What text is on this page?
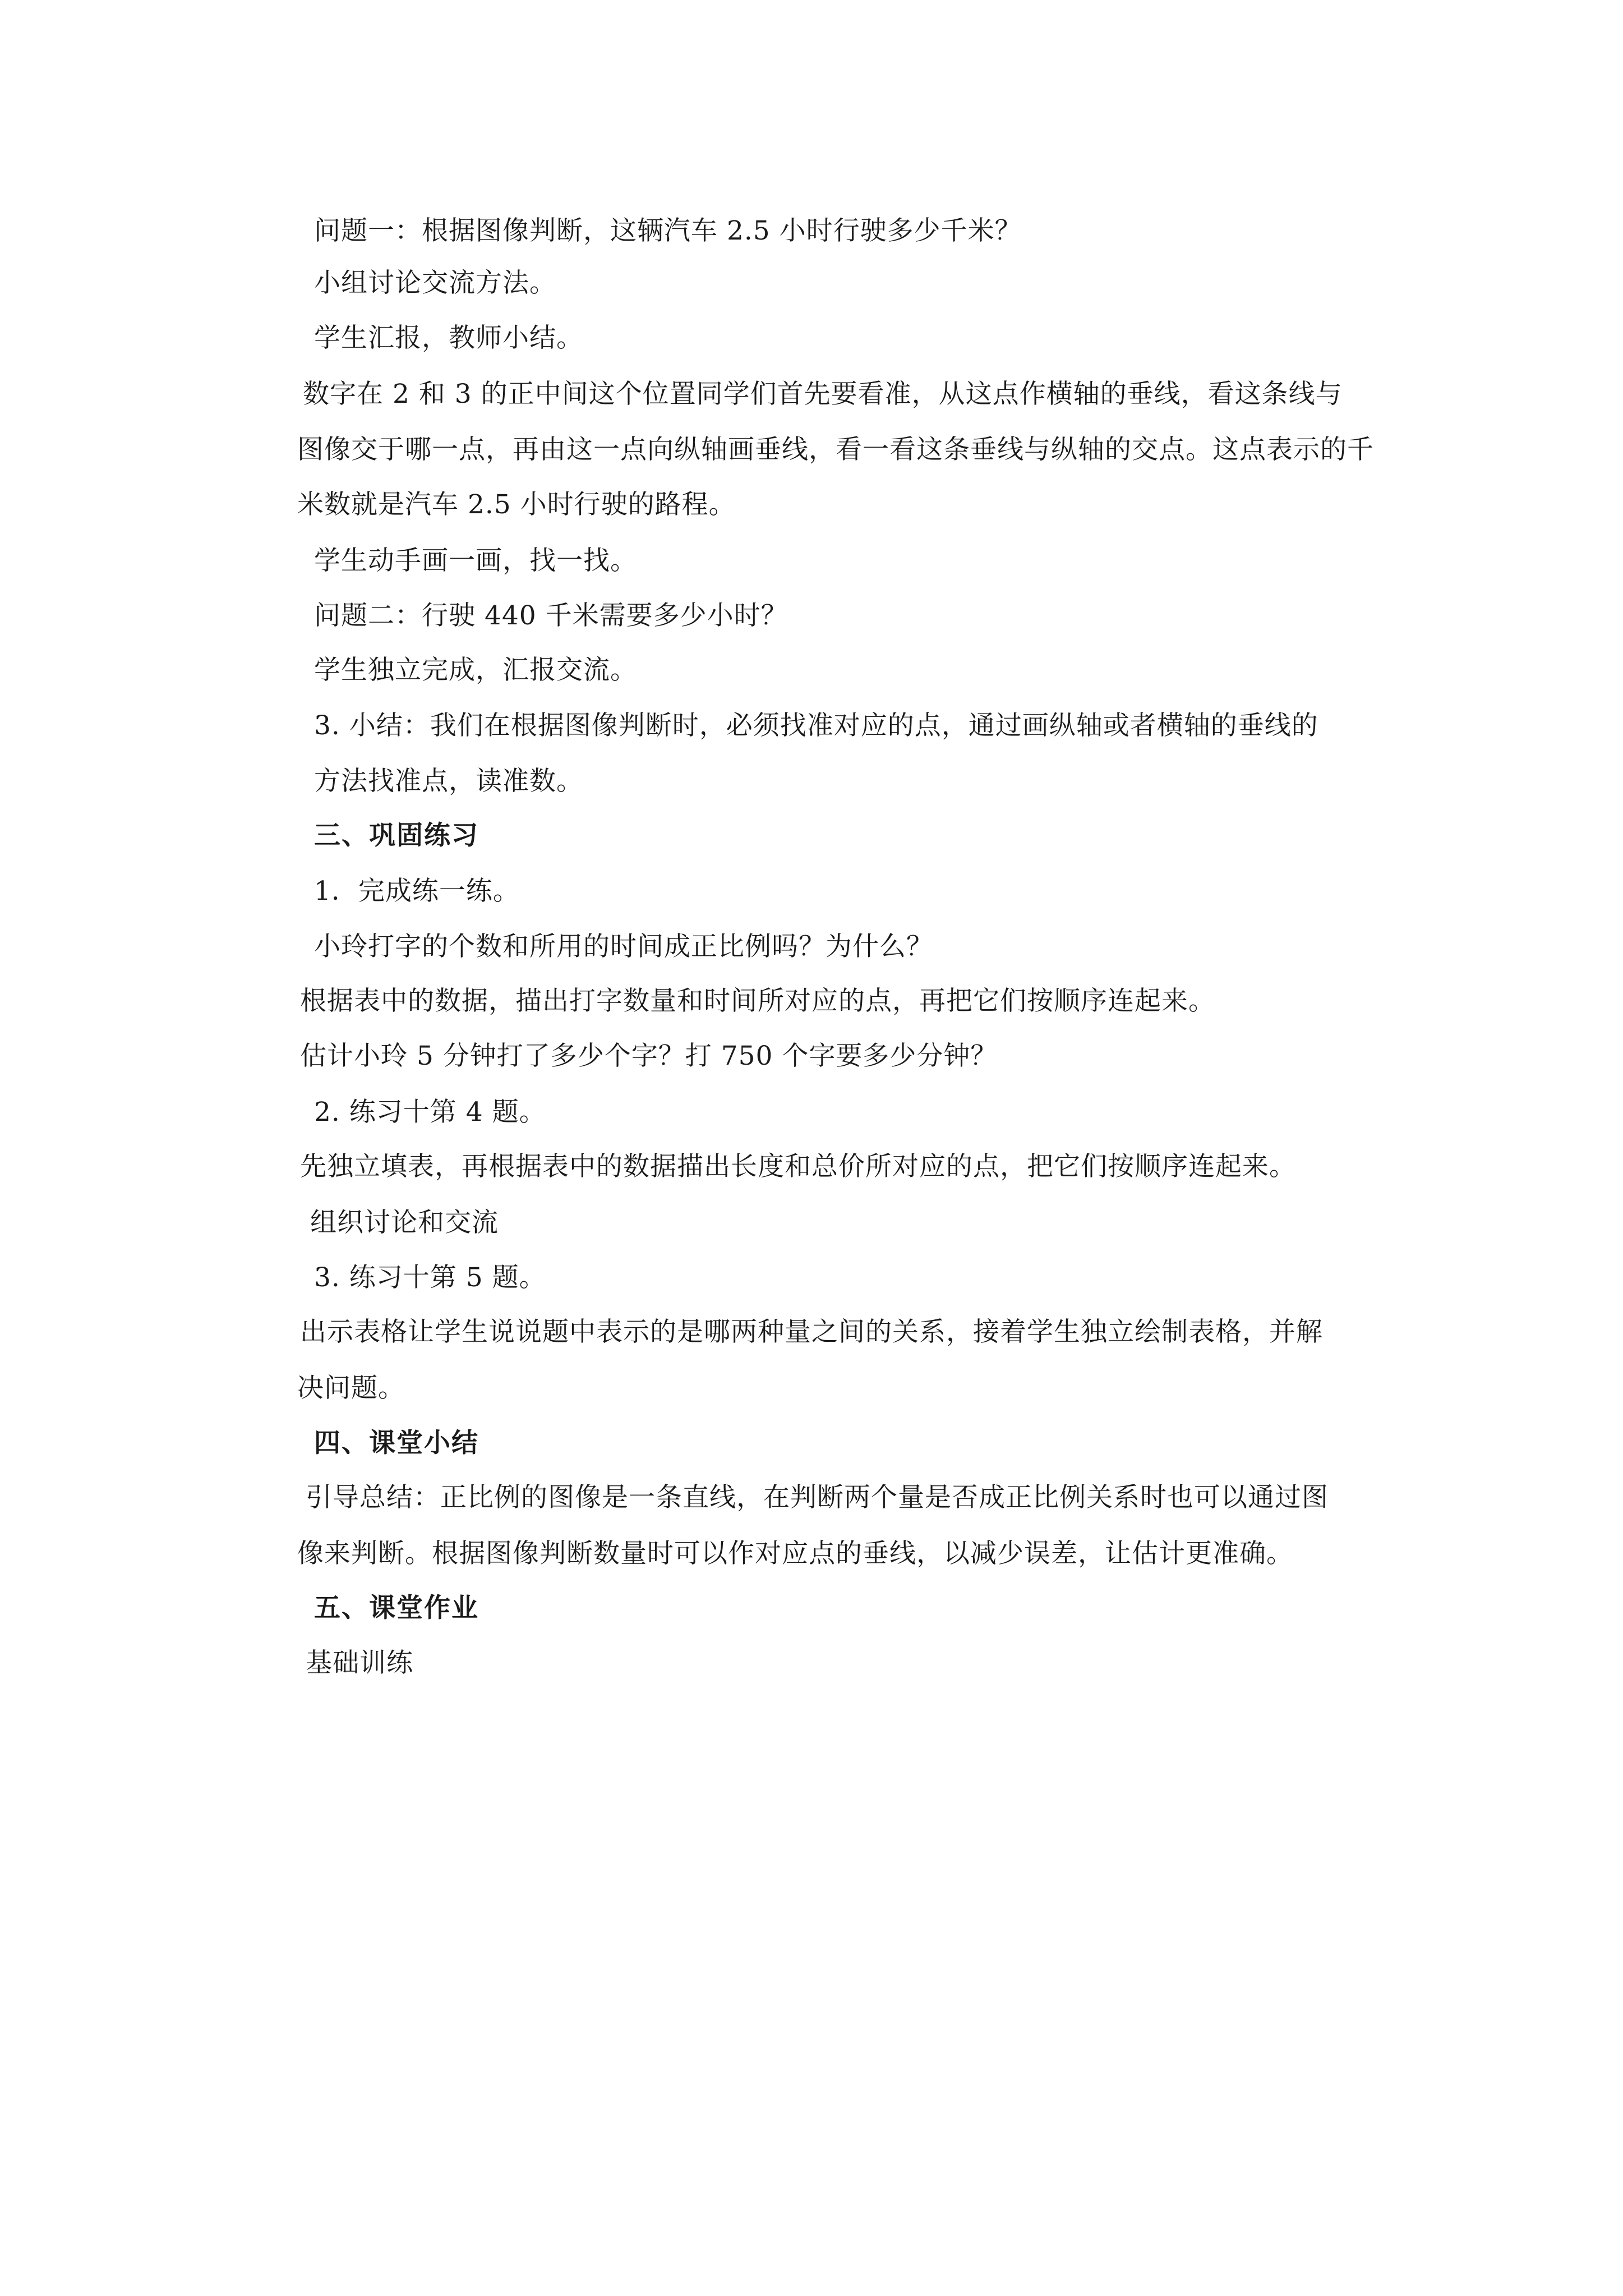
问题一：根据图像判断，这辆汽车 2.5 小时行驶多少千米？
小组讨论交流方法。
学生汇报，教师小结。
数字在 2 和 3 的正中间这个位置同学们首先要看准，从这点作横轴的垂线，看这条线与
图像交于哪一点，再由这一点向纵轴画垂线，看一看这条垂线与纵轴的交点。这点表示的千
米数就是汽车 2.5 小时行驶的路程。
学生动手画一画，找一找。
问题二：行驶 440 千米需要多少小时？
学生独立完成，汇报交流。
3. 小结：我们在根据图像判断时，必须找准对应的点，通过画纵轴或者横轴的垂线的
方法找准点，读准数。
三、巩固练习
1．完成练一练。
小玲打字的个数和所用的时间成正比例吗？为什么？
根据表中的数据，描出打字数量和时间所对应的点，再把它们按顺序连起来。
估计小玲 5 分钟打了多少个字？打 750 个字要多少分钟？
2. 练习十第 4 题。
先独立填表，再根据表中的数据描出长度和总价所对应的点，把它们按顺序连起来。
组织讨论和交流
3. 练习十第 5 题。
出示表格让学生说说题中表示的是哪两种量之间的关系，接着学生独立绘制表格，并解
决问题。
四、课堂小结
引导总结：正比例的图像是一条直线，在判断两个量是否成正比例关系时也可以通过图
像来判断。根据图像判断数量时可以作对应点的垂线，以减少误差，让估计更准确。
五、课堂作业
基础训练
